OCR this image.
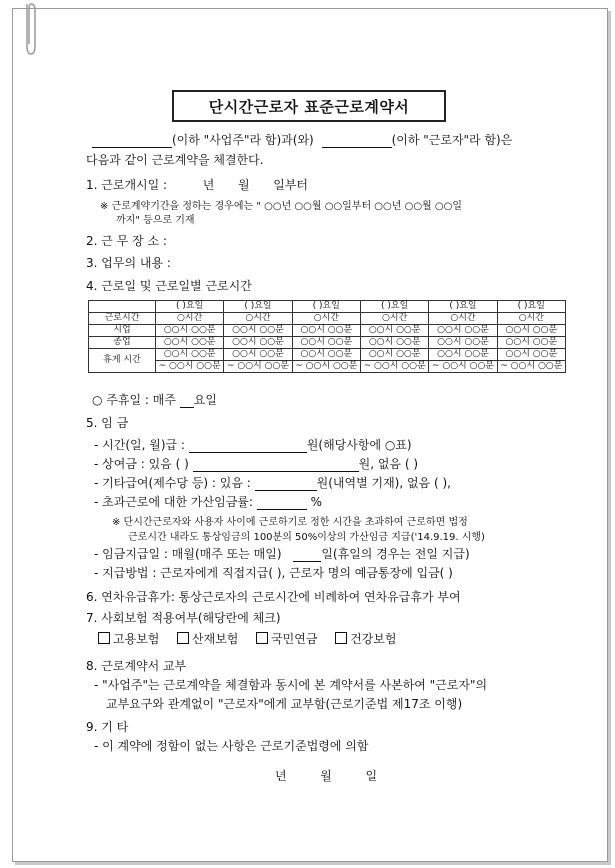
단시간근로자 표준근로계약서
(이하 "사업주"라 함)과(와)	(이하 "근로자"라 함)은
다음과 같이 근로계약을 체결한다.
1. 근로개시일 :	년 월 일부터
※ 근로계약기간을 정하는 경우에는 " ○○년 ○○월 ○○일부터 ○○년 ○○월 ○○일
까지" 등으로 기재
2. 근 무 장 소 :
3. 업무의 내용 :
4. 근로일 및 근로일별 근로시간
	( )요일	( )요일	( )요일	( )요일	( )요일	( )요일
근로시간	○시간	○시간	○시간	○시간	○시간	○시간
시업	○○시 ○○분	○○시 ○○분	○○시 ○○분	○○시 ○○분	○○시 ○○분	○○시 ○○분
종업	○○시 ○○분	○○시 ○○분	○○시 ○○분	○○시 ○○분	○○시 ○○분	○○시 ○○분
휴게 시간	○○시 ○○분	○○시 ○○분	○○시 ○○분	○○시 ○○분	○○시 ○○분	○○시 ○○분
	~ ○○시 ○○분	~ ○○시 ○○분	~ ○○시 ○○분	~ ○○시 ○○분	~ ○○시 ○○분	~ ○○시 ○○분
○ 주휴일 : 매주 요일
5. 임 금
- 시간(일, 월)급 :	원(해당사항에 ○표)
- 상여금 : 있음 ( )	원, 없음 ( )
- 기타급여(제수당 등) : 있음 :	원(내역별 기재), 없음 ( ),
- 초과근로에 대한 가산임금률:	%
※ 단시간근로자와 사용자 사이에 근로하기로 정한 시간을 초과하여 근로하면 법정
근로시간 내라도 통상임금의 100분의 50%이상의 가산임금 지급('14.9.19. 시행)
- 임금지급일 : 매월(매주 또는 매일)	일(휴일의 경우는 전일 지급)
- 지급방법 : 근로자에게 직접지급( ), 근로자 명의 예금통장에 입금( )
6. 연차유급휴가: 통상근로자의 근로시간에 비례하여 연차유급휴가 부여
7. 사회보험 적용여부(해당란에 체크)
고용보험	산재보험	국민연금	건강보험
8. 근로계약서 교부
- "사업주"는 근로계약을 체결함과 동시에 본 계약서를 사본하여 "근로자"의
교부요구와 관계없이 "근로자"에게 교부함(근로기준법 제17조 이행)
9. 기 타
- 이 계약에 정함이 없는 사항은 근로기준법령에 의함
년	월	일
